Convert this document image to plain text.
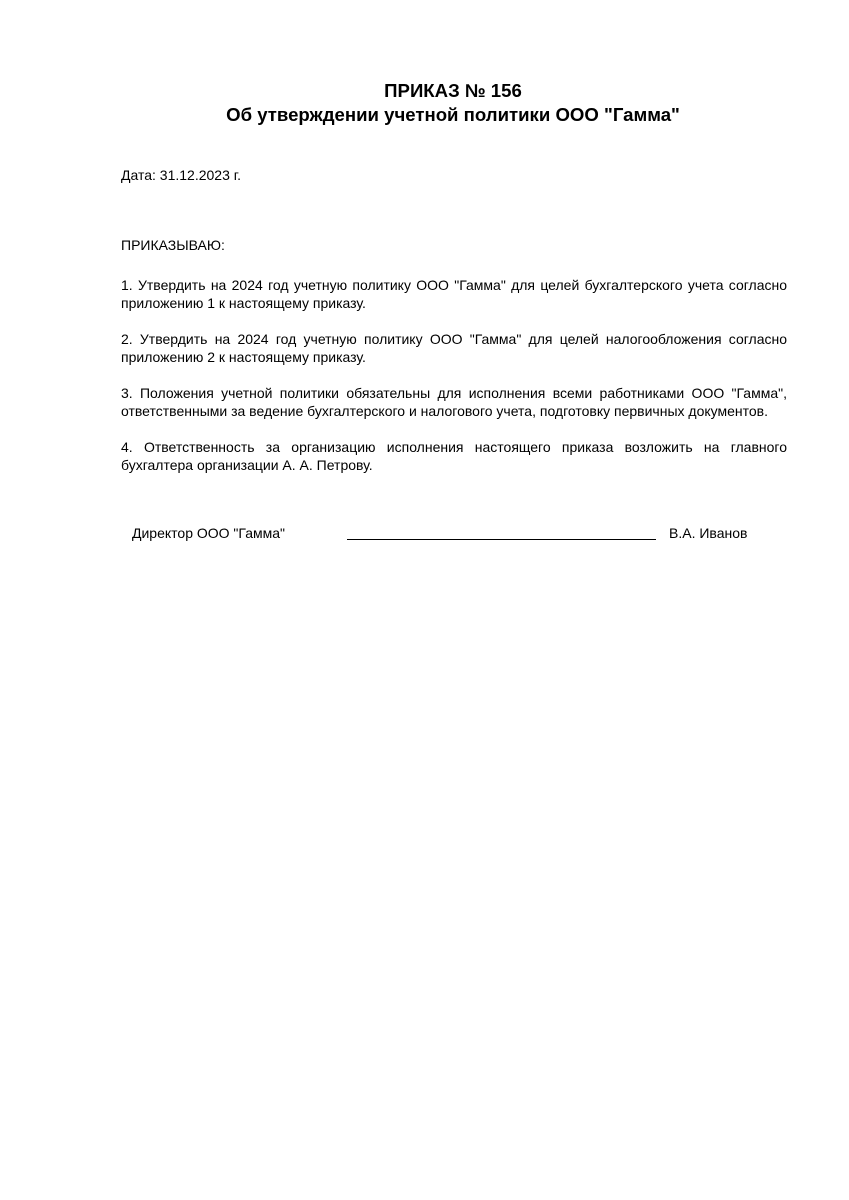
ПРИКАЗ № 156
Об утверждении учетной политики ООО "Гамма"
Дата: 31.12.2023 г.
ПРИКАЗЫВАЮ:

1. Утвердить на 2024 год учетную политику ООО "Гамма" для целей бухгалтерского учета согласно приложению 1 к настоящему приказу.

2. Утвердить на 2024 год учетную политику ООО "Гамма" для целей налогообложения согласно приложению 2 к настоящему приказу.

3. Положения учетной политики обязательны для исполнения всеми работниками ООО "Гамма", ответственными за ведение бухгалтерского и налогового учета, подготовку первичных документов.

4. Ответственность за организацию исполнения настоящего приказа возложить на главного бухгалтера организации А. А. Петрову.

Директор ООО "Гамма"	В.А. Иванов
